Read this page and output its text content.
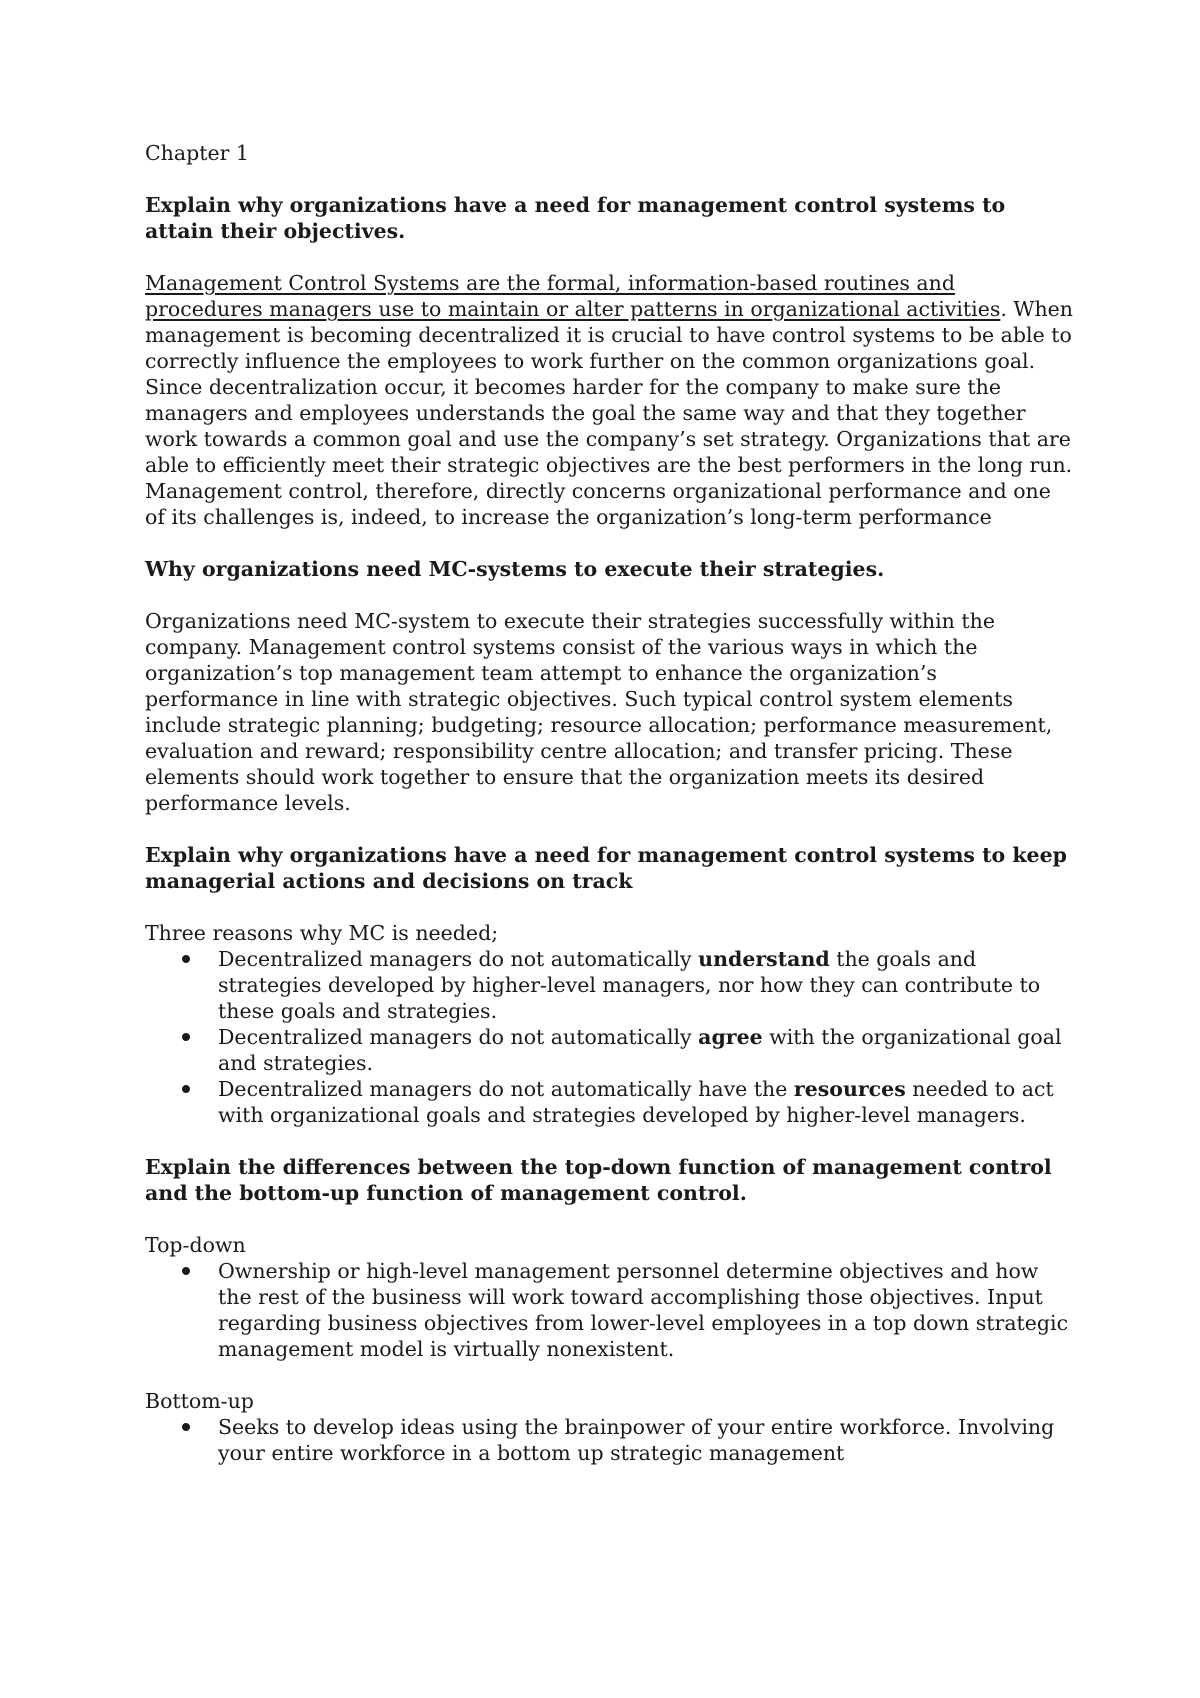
Chapter 1

Explain why organizations have a need for management control systems to attain their objectives.

Management Control Systems are the formal, information-based routines and procedures managers use to maintain or alter patterns in organizational activities. When management is becoming decentralized it is crucial to have control systems to be able to correctly influence the employees to work further on the common organizations goal. Since decentralization occur, it becomes harder for the company to make sure the managers and employees understands the goal the same way and that they together work towards a common goal and use the company’s set strategy. Organizations that are able to efficiently meet their strategic objectives are the best performers in the long run. Management control, therefore, directly concerns organizational performance and one of its challenges is, indeed, to increase the organization’s long-term performance

Why organizations need MC-systems to execute their strategies.

Organizations need MC-system to execute their strategies successfully within the company. Management control systems consist of the various ways in which the organization’s top management team attempt to enhance the organization’s performance in line with strategic objectives. Such typical control system elements include strategic planning; budgeting; resource allocation; performance measurement, evaluation and reward; responsibility centre allocation; and transfer pricing. These elements should work together to ensure that the organization meets its desired performance levels.

Explain why organizations have a need for management control systems to keep managerial actions and decisions on track

Three reasons why MC is needed;

Decentralized managers do not automatically understand the goals and strategies developed by higher-level managers, nor how they can contribute to these goals and strategies.
Decentralized managers do not automatically agree with the organizational goal and strategies.
Decentralized managers do not automatically have the resources needed to act with organizational goals and strategies developed by higher-level managers.

Explain the differences between the top-down function of management control and the bottom-up function of management control.

Top-down

Ownership or high-level management personnel determine objectives and how the rest of the business will work toward accomplishing those objectives. Input regarding business objectives from lower-level employees in a top down strategic management model is virtually nonexistent.

Bottom-up

Seeks to develop ideas using the brainpower of your entire workforce. Involving your entire workforce in a bottom up strategic management
